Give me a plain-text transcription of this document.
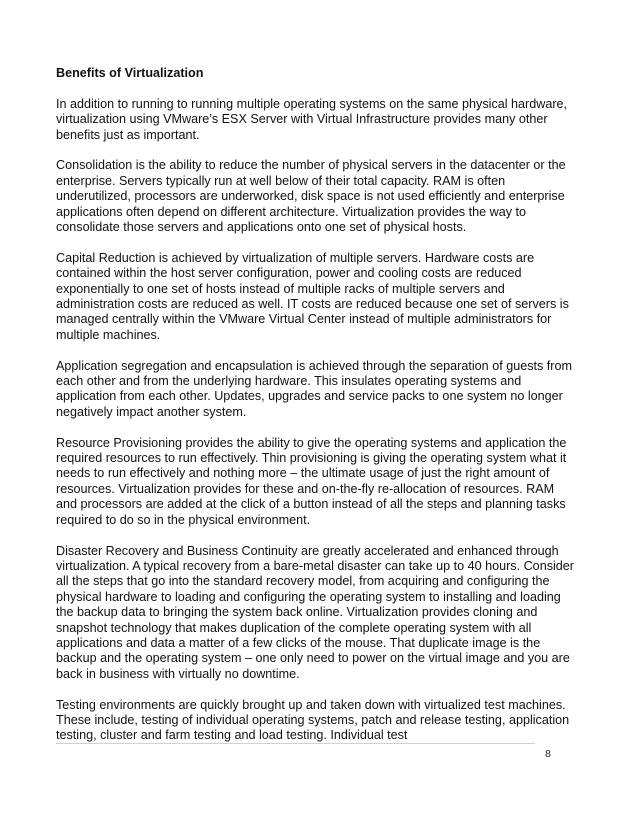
Benefits of Virtualization

In addition to running to running multiple operating systems on the same physical hardware, virtualization using VMware’s ESX Server with Virtual Infrastructure provides many other benefits just as important.

Consolidation is the ability to reduce the number of physical servers in the datacenter or the enterprise. Servers typically run at well below of their total capacity. RAM is often underutilized, processors are underworked, disk space is not used efficiently and enterprise applications often depend on different architecture. Virtualization provides the way to consolidate those servers and applications onto one set of physical hosts.

Capital Reduction is achieved by virtualization of multiple servers. Hardware costs are contained within the host server configuration, power and cooling costs are reduced exponentially to one set of hosts instead of multiple racks of multiple servers and administration costs are reduced as well. IT costs are reduced because one set of servers is managed centrally within the VMware Virtual Center instead of multiple administrators for multiple machines.

Application segregation and encapsulation is achieved through the separation of guests from each other and from the underlying hardware. This insulates operating systems and application from each other. Updates, upgrades and service packs to one system no longer negatively impact another system.

Resource Provisioning provides the ability to give the operating systems and application the required resources to run effectively. Thin provisioning is giving the operating system what it needs to run effectively and nothing more – the ultimate usage of just the right amount of resources. Virtualization provides for these and on-the-fly re-allocation of resources. RAM and processors are added at the click of a button instead of all the steps and planning tasks required to do so in the physical environment.

Disaster Recovery and Business Continuity are greatly accelerated and enhanced through virtualization. A typical recovery from a bare-metal disaster can take up to 40 hours. Consider all the steps that go into the standard recovery model, from acquiring and configuring the physical hardware to loading and configuring the operating system to installing and loading the backup data to bringing the system back online. Virtualization provides cloning and snapshot technology that makes duplication of the complete operating system with all applications and data a matter of a few clicks of the mouse. That duplicate image is the backup and the operating system – one only need to power on the virtual image and you are back in business with virtually no downtime.

Testing environments are quickly brought up and taken down with virtualized test machines. These include, testing of individual operating systems, patch and release testing, application testing, cluster and farm testing and load testing. Individual test

8
